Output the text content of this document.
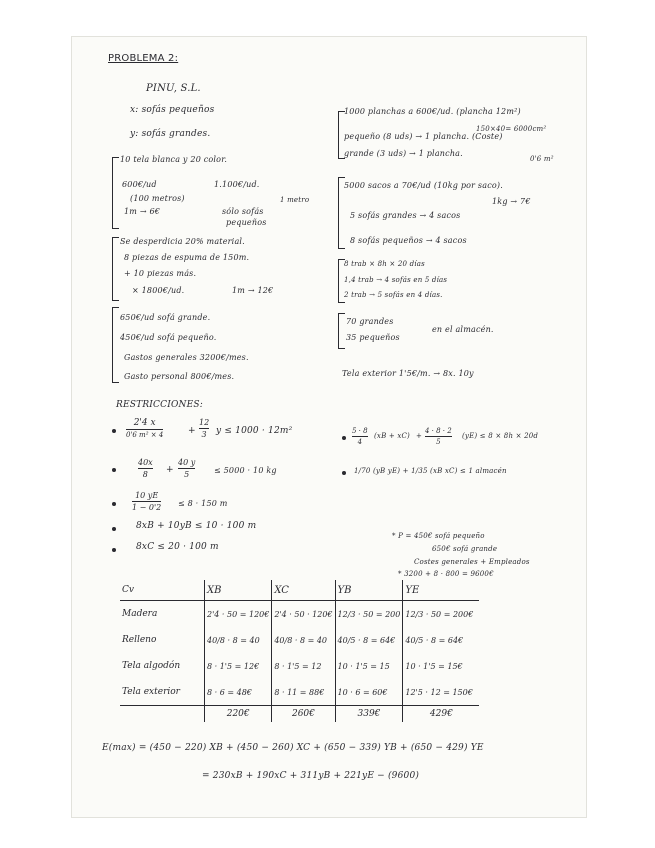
PROBLEMA 2:
PINU, S.L.
x: sofás pequeños
y: sofás grandes.
10 tela blanca y 20 color.
600€/ud	1.100€/ud.
(100 metros)	1 metro
1m → 6€	sólo sofás
pequeños
Se desperdicia 20% material.
8 piezas de espuma de 150m.
+ 10 piezas más.
× 1800€/ud.	1m → 12€
650€/ud sofá grande.
450€/ud sofá pequeño.
Gastos generales 3200€/mes.
Gasto personal 800€/mes.
1000 planchas a 600€/ud. (plancha 12m²)
150×40= 6000cm²
pequeño (8 uds) → 1 plancha. (Coste)
grande (3 uds) → 1 plancha.
0'6 m²
5000 sacos a 70€/ud (10kg por saco).
1kg → 7€
5 sofás grandes → 4 sacos
8 sofás pequeños → 4 sacos
8 trab × 8h × 20 días
1,4 trab → 4 sofás en 5 días
2 trab → 5 sofás en 4 días.
70 grandes
35 pequeños
en el almacén.
Tela exterior 1'5€/m. → 8x. 10y
RESTRICCIONES:
2'4 x
0'6 m² × 4	+
12
3 y ≤ 1000 · 12m²	5 · 8
4
(xB + xC) +
4 · 8 · 2
5
(yE) ≤ 8 × 8h × 20d
40x
8 +
40 y
5	≤ 5000 · 10 kg	1/70 (yB yE) + 1/35 (xB xC) ≤ 1 almacén
10 yE
1 − 0'2 ≤ 8 · 150 m
8xB + 10yB ≤ 10 · 100 m
8xC ≤ 20 · 100 m
* P = 450€ sofá pequeño
650€ sofá grande
Costes generales + Empleados
* 3200 + 8 · 800 = 9600€
Cv	XB	XC	YB	YE
Madera	2'4 · 50 = 120€	2'4 · 50 · 120€	12/3 · 50 = 200	12/3 · 50 = 200€
Relleno	40/8 · 8 = 40	40/8 · 8 = 40	40/5 · 8 = 64€	40/5 · 8 = 64€
Tela algodón	8 · 1'5 = 12€	8 · 1'5 = 12	10 · 1'5 = 15	10 · 1'5 = 15€
Tela exterior	8 · 6 = 48€	8 · 11 = 88€	10 · 6 = 60€	12'5 · 12 = 150€
	220€	260€	339€	429€
E(max) = (450 − 220) XB + (450 − 260) XC + (650 − 339) YB + (650 − 429) YE
= 230xB + 190xC + 311yB + 221yE − (9600)
